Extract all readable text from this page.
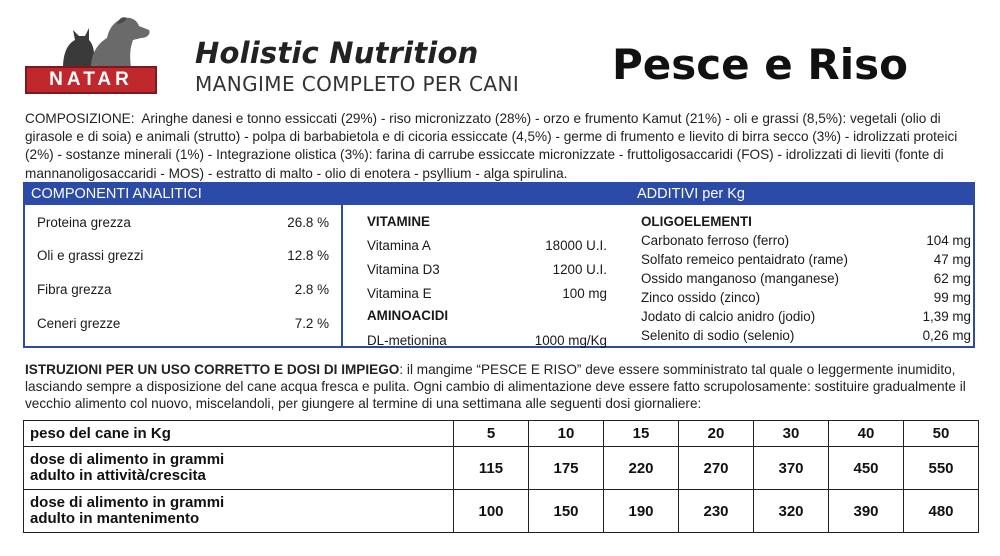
NATAR
Holistic Nutrition
MANGIME COMPLETO PER CANI Pesce e Riso
COMPOSIZIONE: Aringhe danesi e tonno essiccati (29%) - riso micronizzato (28%) - orzo e frumento Kamut (21%) - oli e grassi (8,5%): vegetali (olio di girasole e di soia) e animali (strutto) - polpa di barbabietola e di cicoria essiccate (4,5%) - germe di frumento e lievito di birra secco (3%) - idrolizzati proteici (2%) - sostanze minerali (1%) - Integrazione olistica (3%): farina di carrube essiccate micronizzate - fruttoligosaccaridi (FOS) - idrolizzati di lieviti (fonte di mannanoligosaccaridi - MOS) - estratto di malto - olio di enotera - psyllium - alga spirulina.
COMPONENTI ANALITICI	ADDITIVI per Kg
Proteina grezza	26.8 %
Oli e grassi grezzi	12.8 %
Fibra grezza	2.8 %
Ceneri grezze	7.2 %
VITAMINE
Vitamina A	18000 U.I.
Vitamina D3	1200 U.I.
Vitamina E	100 mg
AMINOACIDI
DL-metionina	1000 mg/Kg
OLIGOELEMENTI
Carbonato ferroso (ferro)	104 mg
Solfato remeico pentaidrato (rame)	47 mg
Ossido manganoso (manganese)	62 mg
Zinco ossido (zinco)	99 mg
Jodato di calcio anidro (jodio)	1,39 mg
Selenito di sodio (selenio)	0,26 mg
ISTRUZIONI PER UN USO CORRETTO E DOSI DI IMPIEGO: il mangime “PESCE E RISO” deve essere somministrato tal quale o leggermente inumidito, lasciando sempre a disposizione del cane acqua fresca e pulita. Ogni cambio di alimentazione deve essere fatto scrupolosamente: sostituire gradualmente il vecchio alimento col nuovo, miscelandoli, per giungere al termine di una settimana alle seguenti dosi giornaliere:
peso del cane in Kg	5	10	15	20	30	40	50

dose di alimento in grammi
adulto in attività/crescita	115	175	220	270	370	450	550

dose di alimento in grammi
adulto in mantenimento	100	150	190	230	320	390	480
